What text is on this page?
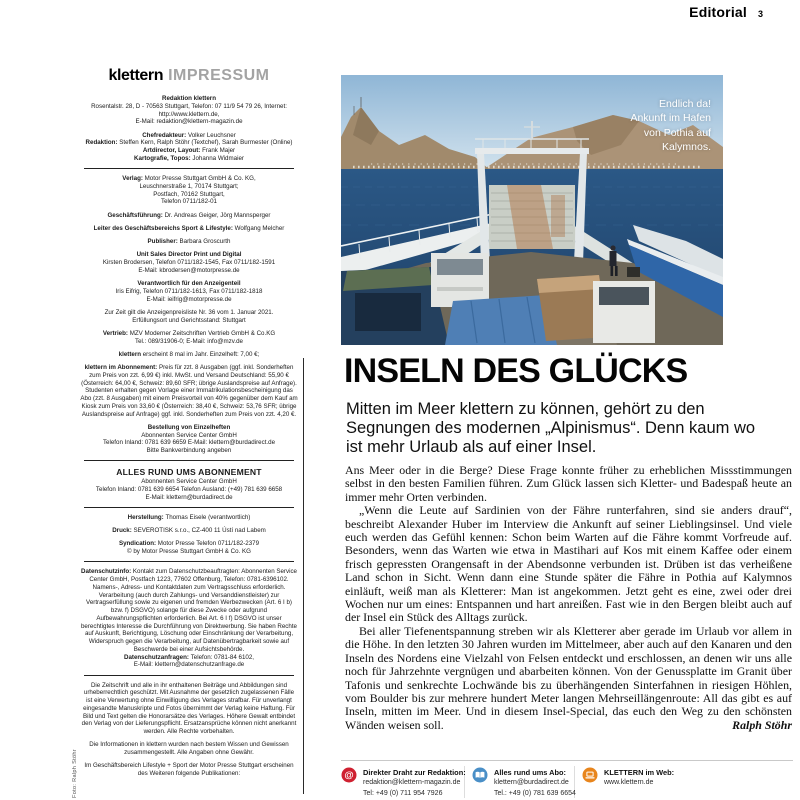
Editorial 3
klettern IMPRESSUM

Redaktion klettern
Rosentalstr. 28, D - 70563 Stuttgart, Telefon: 07 11/9 54 79 26, Internet: http://www.klettern.de,
E-Mail: redaktion@klettern-magazin.de

Chefredakteur: Volker Leuchsner
Redaktion: Steffen Kern, Ralph Stöhr (Textchef), Sarah Burmester (Online)
Artdirector, Layout: Frank Majer
Kartografie, Topos: Johanna Widmaier

Verlag: Motor Presse Stuttgart GmbH & Co. KG,
Leuschnerstraße 1, 70174 Stuttgart;
Postfach, 70162 Stuttgart,
Telefon 0711/182-01

Geschäftsführung: Dr. Andreas Geiger, Jörg Mannsperger

Leiter des Geschäftsbereichs Sport & Lifestyle: Wolfgang Melcher

Publisher: Barbara Groscurth

Unit Sales Director Print und Digital
Kirsten Brodersen, Telefon 0711/182-1545, Fax 0711/182-1591
E-Mail: kbrodersen@motorpresse.de

Verantwortlich für den Anzeigenteil
Iris Eifrig, Telefon 0711/182-1613, Fax 0711/182-1818
E-Mail: ieifrig@motorpresse.de

Zur Zeit gilt die Anzeigenpreisliste Nr. 36 vom 1. Januar 2021.
Erfüllungsort und Gerichtsstand: Stuttgart

Vertrieb: MZV Moderner Zeitschriften Vertrieb GmbH & Co.KG
Tel.: 089/31906-0; E-Mail: info@mzv.de

klettern erscheint 8 mal im Jahr. Einzelheft: 7,00 €;

klettern im Abonnement: Preis für zzt. 8 Ausgaben (ggf. inkl. Sonderheften zum Preis von zzt. 6,99 €) inkl. MwSt. und Versand Deutschland: 55,90 € (Österreich: 64,00 €, Schweiz: 89,60 SFR; übrige Auslandspreise auf Anfrage).
Studenten erhalten gegen Vorlage einer Immatrikulationsbescheinigung das Abo (zzt. 8 Ausgaben) mit einem Preisvorteil von 40% gegenüber dem Kauf am Kiosk zum Preis von 33,60 € (Österreich: 38,40 €, Schweiz: 53,76 SFR; übrige Auslandspreise auf Anfrage) ggf. inkl. Sonderheften zum Preis von zzt. 4,20 €.

Bestellung von Einzelheften
Abonnenten Service Center GmbH
Telefon Inland: 0781 639 6659 E-Mail: klettern@burdadirect.de
Bitte Bankverbindung angeben

ALLES RUND UMS ABONNEMENT
Abonnenten Service Center GmbH
Telefon Inland: 0781 639 6654 Telefon Ausland: (+49) 781 639 6658
E-Mail: klettern@burdadirect.de

Herstellung: Thomas Eisele (verantwortlich)

Druck: SEVEROTISK s.r.o., CZ-400 11 Ústí nad Labem

Syndication: Motor Presse Telefon 0711/182-2379
© by Motor Presse Stuttgart GmbH & Co. KG

Datenschutzinfo: Kontakt zum Datenschutzbeauftragten: Abonnenten Service Center GmbH, Postfach 1223, 77602 Offenburg, Telefon: 0781-6396102. Namens-, Adress- und Kontaktdaten zum Vertragsschluss erforderlich. Verarbeitung (auch durch Zahlungs- und Versanddienstleister) zur Vertragserfüllung sowie zu eigenen und fremden Werbezwecken (Art. 6 I b) bzw. f) DSGVO) solange für diese Zwecke oder aufgrund Aufbewahrungspflichten erforderlich. Bei Art. 6 I f) DSGVO ist unser berechtigtes Interesse die Durchführung von Direktwerbung. Sie haben Rechte auf Auskunft, Berichtigung, Löschung oder Einschränkung der Verarbeitung, Widerspruch gegen die Verarbeitung, auf Datenübertragbarkeit sowie auf Beschwerde bei einer Aufsichtsbehörde.
Datenschutzanfragen: Telefon: 0781-84 6102,
E-Mail: klettern@datenschutzanfrage.de

Die Zeitschrift und alle in ihr enthaltenen Beiträge und Abbildungen sind urheberrechtlich geschützt. Mit Ausnahme der gesetzlich zugelassenen Fälle ist eine Verwertung ohne Einwilligung des Verlages strafbar. Für unverlangt eingesandte Manuskripte und Fotos übernimmt der Verlag keine Haftung. Für Bild und Text gelten die Honorarsätze des Verlages. Höhere Gewalt entbindet den Verlag von der Lieferungspflicht. Ersatzansprüche können nicht anerkannt werden. Alle Rechte vorbehalten.

Die Informationen in klettern wurden nach bestem Wissen und Gewissen zusammengestellt. Alle Angaben ohne Gewähr.

Im Geschäftsbereich Lifestyle + Sport der Motor Presse Stuttgart erscheinen des Weiteren folgende Publikationen:

Foto: Ralph Stöhr
Endlich da!
Ankunft im Hafen
von Pothia auf
Kalymnos.
INSELN DES GLÜCKS
Mitten im Meer klettern zu können, gehört zu den Segnungen des modernen „Alpinismus“. Denn kaum wo ist mehr Urlaub als auf einer Insel.

Ans Meer oder in die Berge? Diese Frage konnte früher zu erheblichen Missstimmungen selbst in den besten Familien führen. Zum Glück lassen sich Kletter- und Badespaß heute an immer mehr Orten verbinden.

„Wenn die Leute auf Sardinien von der Fähre runterfahren, sind sie anders drauf“, beschreibt Alexander Huber im Interview die Ankunft auf seiner Lieblingsinsel. Und viele euch werden das Gefühl kennen: Schon beim Warten auf die Fähre kommt Vorfreude auf. Besonders, wenn das Warten wie etwa in Mastihari auf Kos mit einem Kaffee oder einem frisch gepressten Orangensaft in der Abendsonne verbunden ist. Drüben ist das verheißene Land schon in Sicht. Wenn dann eine Stunde später die Fähre in Pothia auf Kalymnos einläuft, weiß man als Kletterer: Man ist angekommen. Jetzt geht es eine, zwei oder drei Wochen nur um eines: Entspannen und hart anreißen. Fast wie in den Bergen bleibt auch auf der Insel ein Stück des Alltags zurück.

Bei aller Tiefenentspannung streben wir als Kletterer aber gerade im Urlaub vor allem in die Höhe. In den letzten 30 Jahren wurden im Mittelmeer, aber auch auf den Kanaren und den Inseln des Nordens eine Vielzahl von Felsen entdeckt und erschlossen, an denen wir uns alle noch für Jahrzehnte vergnügen und abarbeiten können. Von der Genussplatte im Granit über Tafonis und senkrechte Lochwände bis zu überhängenden Sinterfahnen in riesigen Höhlen, vom Boulder bis zur mehrere hundert Meter langen Mehrseillängenroute: All das gibt es auf Inseln, mitten im Meer. Und in diesem Insel-Special, das euch den Weg zu den schönsten Wänden weisen soll.	Ralph Stöhr
@ Direkter Draht zur Redaktion:
redaktion@klettern-magazin.de
Tel: +49 (0) 711 954 7926
Alles rund ums Abo:
klettern@burdadirect.de
Tel.: +49 (0) 781 639 6654
KLETTERN im Web:
www.klettern.de
